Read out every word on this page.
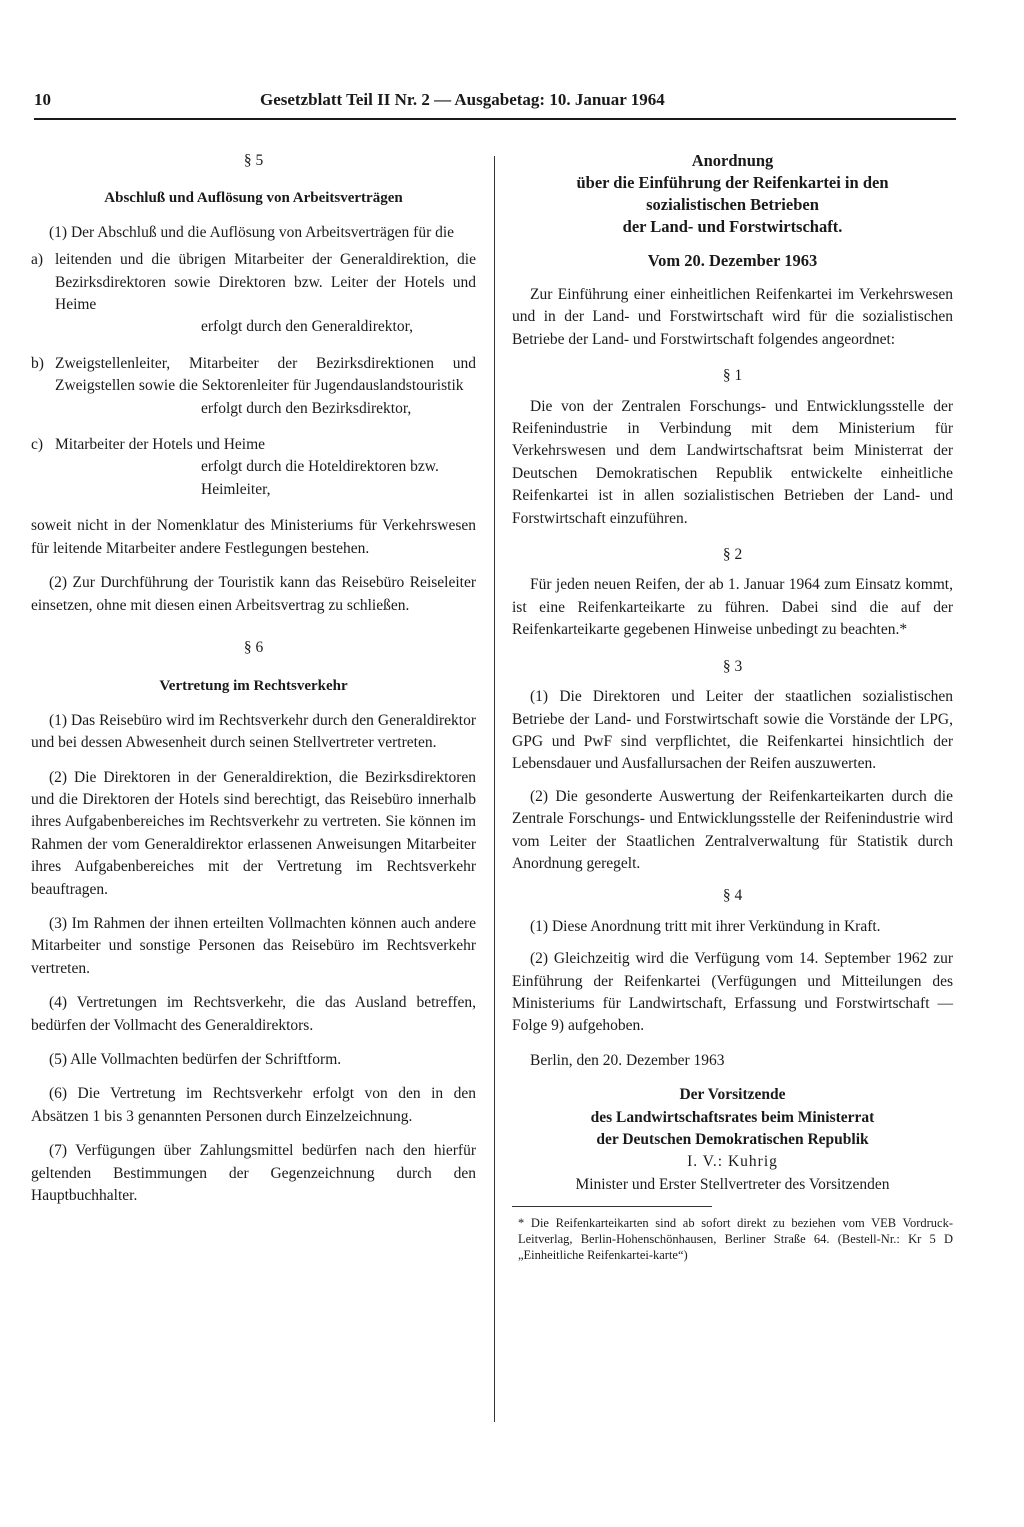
10	Gesetzblatt Teil II Nr. 2 — Ausgabetag: 10. Januar 1964

§ 5

Abschluß und Auflösung von Arbeitsverträgen

(1) Der Abschluß und die Auflösung von Arbeitsverträgen für die

a) leitenden und die übrigen Mitarbeiter der Generaldirektion, die Bezirksdirektoren sowie Direktoren bzw. Leiter der Hotels und Heime

erfolgt durch den Generaldirektor,

b) Zweigstellenleiter, Mitarbeiter der Bezirksdirektionen und Zweigstellen sowie die Sektorenleiter für Jugendauslandstouristik

erfolgt durch den Bezirksdirektor,

c) Mitarbeiter der Hotels und Heime

erfolgt durch die Hoteldirektoren bzw. Heimleiter,

soweit nicht in der Nomenklatur des Ministeriums für Verkehrswesen für leitende Mitarbeiter andere Festlegungen bestehen.

(2) Zur Durchführung der Touristik kann das Reisebüro Reiseleiter einsetzen, ohne mit diesen einen Arbeitsvertrag zu schließen.

§ 6

Vertretung im Rechtsverkehr

(1) Das Reisebüro wird im Rechtsverkehr durch den Generaldirektor und bei dessen Abwesenheit durch seinen Stellvertreter vertreten.

(2) Die Direktoren in der Generaldirektion, die Bezirksdirektoren und die Direktoren der Hotels sind berechtigt, das Reisebüro innerhalb ihres Aufgabenbereiches im Rechtsverkehr zu vertreten. Sie können im Rahmen der vom Generaldirektor erlassenen Anweisungen Mitarbeiter ihres Aufgabenbereiches mit der Vertretung im Rechtsverkehr beauftragen.

(3) Im Rahmen der ihnen erteilten Vollmachten können auch andere Mitarbeiter und sonstige Personen das Reisebüro im Rechtsverkehr vertreten.

(4) Vertretungen im Rechtsverkehr, die das Ausland betreffen, bedürfen der Vollmacht des Generaldirektors.

(5) Alle Vollmachten bedürfen der Schriftform.

(6) Die Vertretung im Rechtsverkehr erfolgt von den in den Absätzen 1 bis 3 genannten Personen durch Einzelzeichnung.

(7) Verfügungen über Zahlungsmittel bedürfen nach den hierfür geltenden Bestimmungen der Gegenzeichnung durch den Hauptbuchhalter.

Anordnung

über die Einführung der Reifenkartei in den

sozialistischen Betrieben

der Land- und Forstwirtschaft.

Vom 20. Dezember 1963

Zur Einführung einer einheitlichen Reifenkartei im Verkehrswesen und in der Land- und Forstwirtschaft wird für die sozialistischen Betriebe der Land- und Forstwirtschaft folgendes angeordnet:

§ 1

Die von der Zentralen Forschungs- und Entwicklungsstelle der Reifenindustrie in Verbindung mit dem Ministerium für Verkehrswesen und dem Landwirtschaftsrat beim Ministerrat der Deutschen Demokratischen Republik entwickelte einheitliche Reifenkartei ist in allen sozialistischen Betrieben der Land- und Forstwirtschaft einzuführen.

§ 2

Für jeden neuen Reifen, der ab 1. Januar 1964 zum Einsatz kommt, ist eine Reifenkarteikarte zu führen. Dabei sind die auf der Reifenkarteikarte gegebenen Hinweise unbedingt zu beachten.*

§ 3

(1) Die Direktoren und Leiter der staatlichen sozialistischen Betriebe der Land- und Forstwirtschaft sowie die Vorstände der LPG, GPG und PwF sind verpflichtet, die Reifenkartei hinsichtlich der Lebensdauer und Ausfallursachen der Reifen auszuwerten.

(2) Die gesonderte Auswertung der Reifenkarteikarten durch die Zentrale Forschungs- und Entwicklungsstelle der Reifenindustrie wird vom Leiter der Staatlichen Zentralverwaltung für Statistik durch Anordnung geregelt.

§ 4

(1) Diese Anordnung tritt mit ihrer Verkündung in Kraft.

(2) Gleichzeitig wird die Verfügung vom 14. September 1962 zur Einführung der Reifenkartei (Verfügungen und Mitteilungen des Ministeriums für Landwirtschaft, Erfassung und Forstwirtschaft — Folge 9) aufgehoben.

Berlin, den 20. Dezember 1963

Der Vorsitzende

des Landwirtschaftsrates beim Ministerrat

der Deutschen Demokratischen Republik

I. V.: Kuhrig

Minister und Erster Stellvertreter des Vorsitzenden

* Die Reifenkarteikarten sind ab sofort direkt zu beziehen vom VEB Vordruck-Leitverlag, Berlin-Hohenschönhausen, Berliner Straße 64. (Bestell-Nr.: Kr 5 D „Einheitliche Reifenkartei-karte“)
